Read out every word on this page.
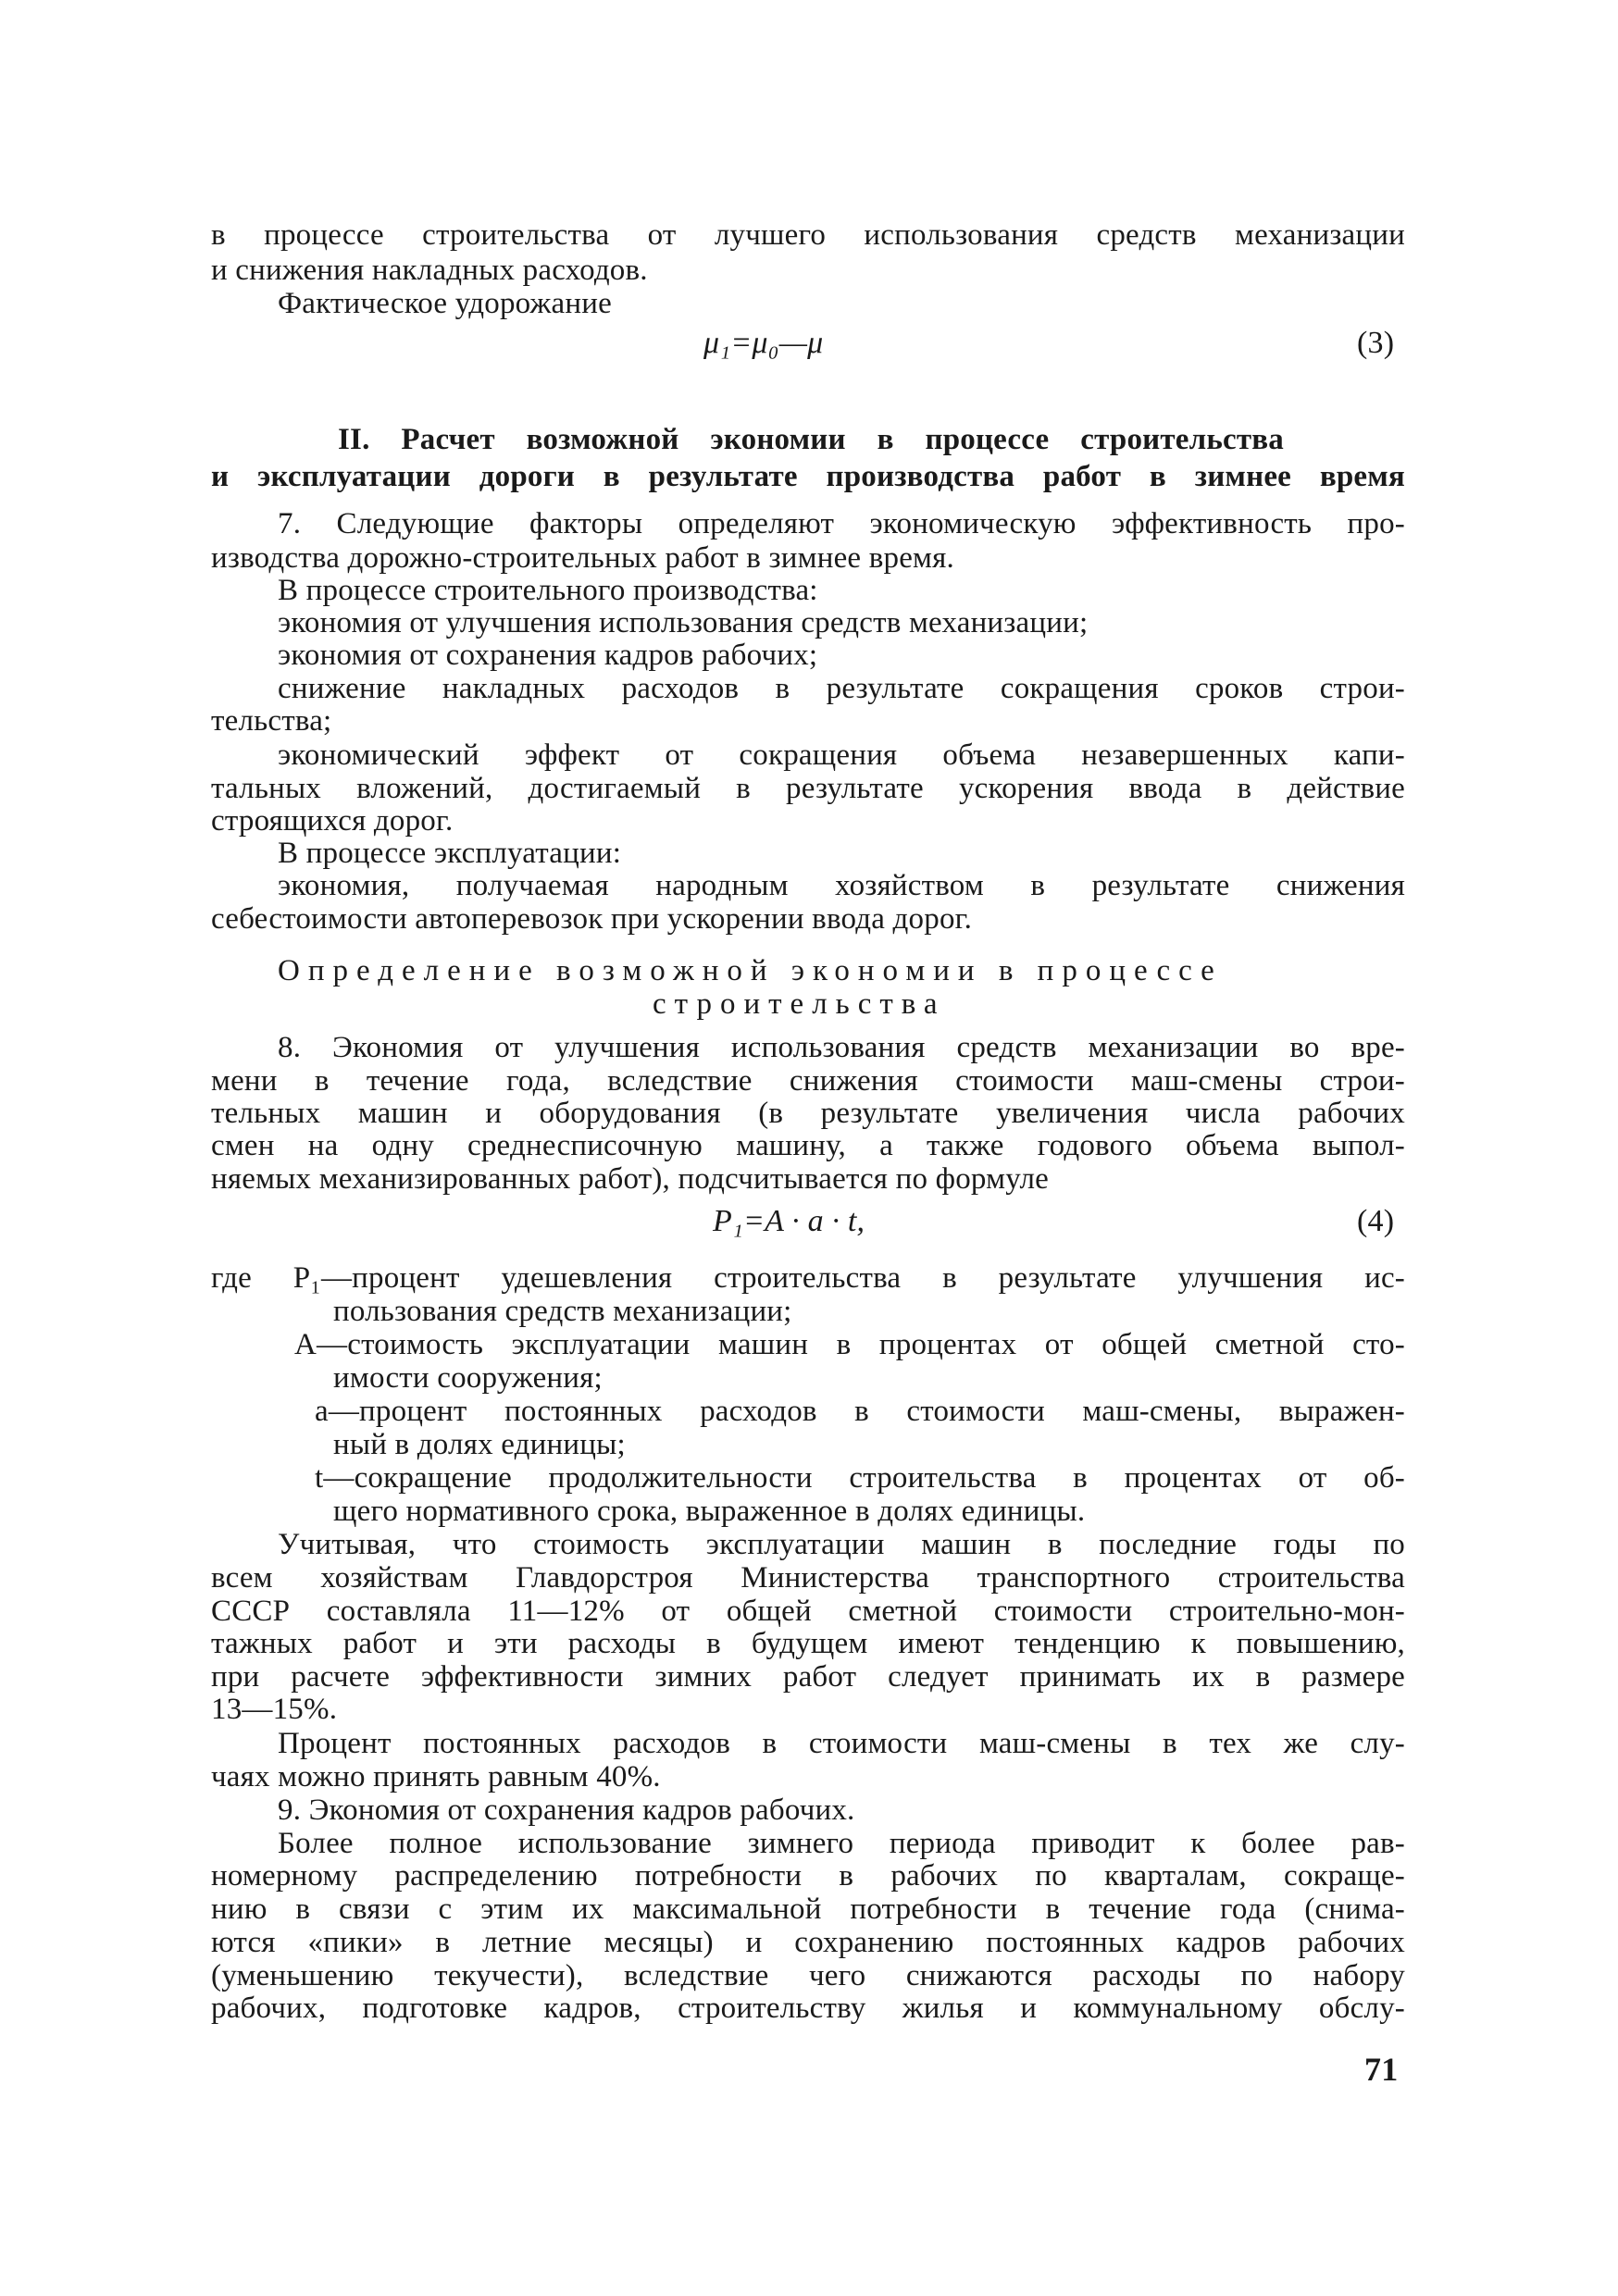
μ₁=μ₀—μ	(3)
Определение возможной экономии в процессе
строительства
P₁=A · a · t,	(4)
71
в процессе строительства от лучшего использования средств механизации
и снижения накладных расходов.
Фактическое удорожание
II. Расчет возможной экономии в процессе строительства
и эксплуатации дороги в результате производства работ в зимнее время
7. Следующие факторы определяют экономическую эффективность про-
изводства дорожно-строительных работ в зимнее время.
В процессе строительного производства:
экономия от улучшения использования средств механизации;
экономия от сохранения кадров рабочих;
снижение накладных расходов в результате сокращения сроков строи-
тельства;
экономический эффект от сокращения объема незавершенных капи-
тальных вложений, достигаемый в результате ускорения ввода в действие
строящихся дорог.
В процессе эксплуатации:
экономия, получаемая народным хозяйством в результате снижения
себестоимости автоперевозок при ускорении ввода дорог.
8. Экономия от улучшения использования средств механизации во вре-
мени в течение года, вследствие снижения стоимости маш-смены строи-
тельных машин и оборудования (в результате увеличения числа рабочих
смен на одну среднесписочную машину, а также годового объема выпол-
няемых механизированных работ), подсчитывается по формуле
где P₁—процент удешевления строительства в результате улучшения ис-
пользования средств механизации;
A—стоимость эксплуатации машин в процентах от общей сметной сто-
имости сооружения;
a—процент постоянных расходов в стоимости маш-смены, выражен-
ный в долях единицы;
t—сокращение продолжительности строительства в процентах от об-
щего нормативного срока, выраженное в долях единицы.
Учитывая, что стоимость эксплуатации машин в последние годы по
всем хозяйствам Главдорстроя Министерства транспортного строительства
СССР составляла 11—12% от общей сметной стоимости строительно-мон-
тажных работ и эти расходы в будущем имеют тенденцию к повышению,
при расчете эффективности зимних работ следует принимать их в размере
13—15%.
Процент постоянных расходов в стоимости маш-смены в тех же слу-
чаях можно принять равным 40%.
9. Экономия от сохранения кадров рабочих.
Более полное использование зимнего периода приводит к более рав-
номерному распределению потребности в рабочих по кварталам, сокраще-
нию в связи с этим их максимальной потребности в течение года (снима-
ются «пики» в летние месяцы) и сохранению постоянных кадров рабочих
(уменьшению текучести), вследствие чего снижаются расходы по набору
рабочих, подготовке кадров, строительству жилья и коммунальному обслу-
